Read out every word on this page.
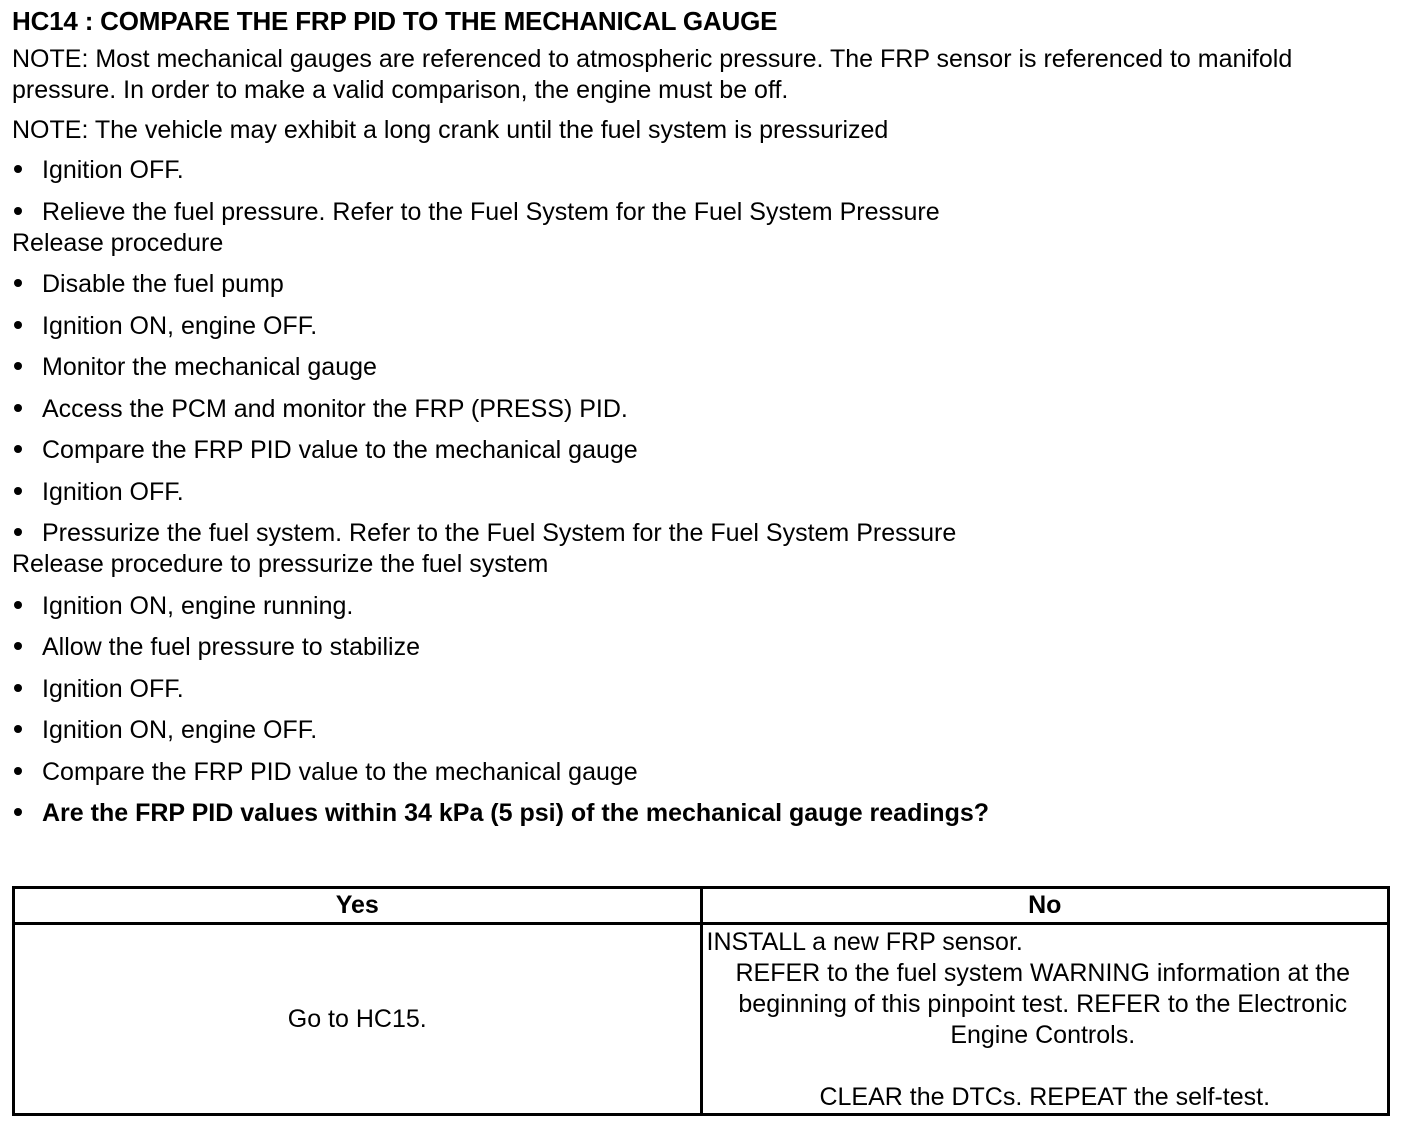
HC14 : COMPARE THE FRP PID TO THE MECHANICAL GAUGE
NOTE: Most mechanical gauges are referenced to atmospheric pressure. The FRP sensor is referenced to manifold pressure. In order to make a valid comparison, the engine must be off.
NOTE: The vehicle may exhibit a long crank until the fuel system is pressurized
Ignition OFF.
Relieve the fuel pressure. Refer to the Fuel System for the Fuel System Pressure Release procedure
Disable the fuel pump
Ignition ON, engine OFF.
Monitor the mechanical gauge
Access the PCM and monitor the FRP (PRESS) PID.
Compare the FRP PID value to the mechanical gauge
Ignition OFF.
Pressurize the fuel system. Refer to the Fuel System for the Fuel System Pressure Release procedure to pressurize the fuel system
Ignition ON, engine running.
Allow the fuel pressure to stabilize
Ignition OFF.
Ignition ON, engine OFF.
Compare the FRP PID value to the mechanical gauge
Are the FRP PID values within 34 kPa (5 psi) of the mechanical gauge readings?
Yes	No
Go to HC15.	INSTALL a new FRP sensor.
REFER to the fuel system WARNING information at the beginning of this pinpoint test. REFER to the Electronic Engine Controls.
CLEAR the DTCs. REPEAT the self-test.
